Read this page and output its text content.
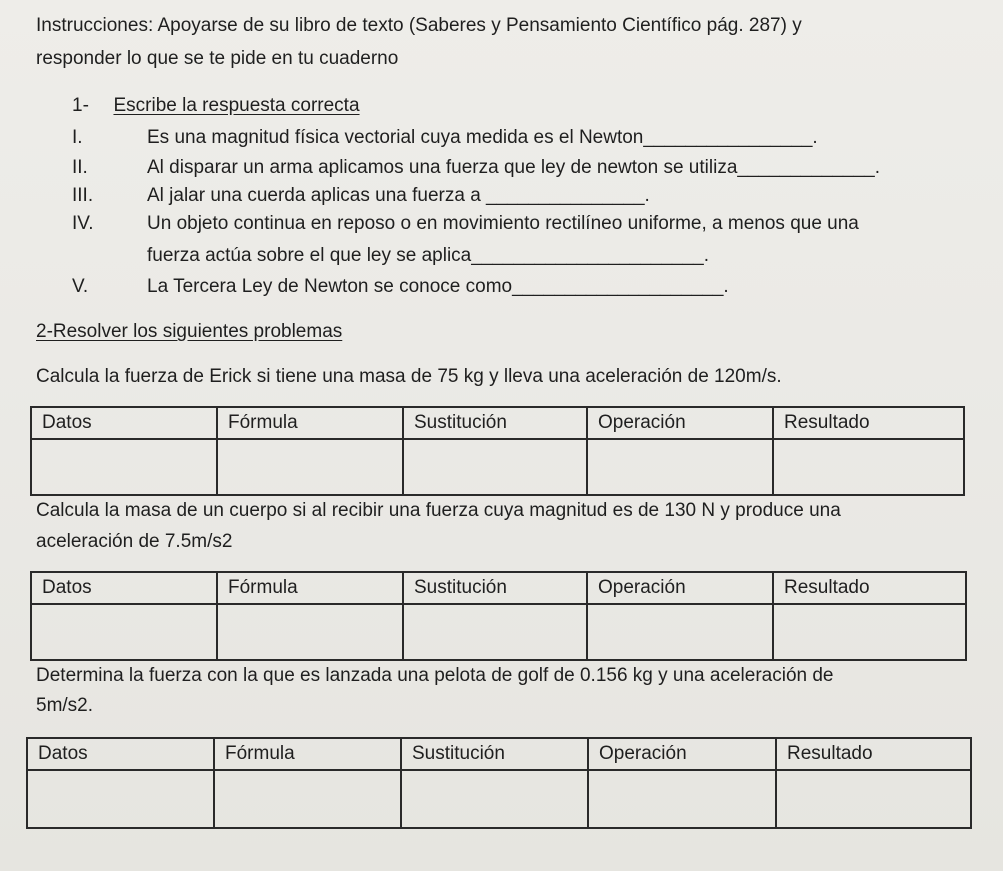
Instrucciones: Apoyarse de su libro de texto (Saberes y Pensamiento Científico pág. 287) y
responder lo que se te pide en tu cuaderno
1- Escribe la respuesta correcta
I.	Es una magnitud física vectorial cuya medida es el Newton________________.
II.	Al disparar un arma aplicamos una fuerza que ley de newton se utiliza_____________.
III.	Al jalar una cuerda aplicas una fuerza a _______________.
IV.	Un objeto continua en reposo o en movimiento rectilíneo uniforme, a menos que una
fuerza actúa sobre el que ley se aplica______________________.
V.	La Tercera Ley de Newton se conoce como____________________.
2-Resolver los siguientes problemas
Calcula la fuerza de Erick si tiene una masa de 75 kg y lleva una aceleración de 120m/s.
Datos	Fórmula	Sustitución	Operación	Resultado

Calcula la masa de un cuerpo si al recibir una fuerza cuya magnitud es de 130 N y produce una
aceleración de 7.5m/s2
Datos	Fórmula	Sustitución	Operación	Resultado

Determina la fuerza con la que es lanzada una pelota de golf de 0.156 kg y una aceleración de
5m/s2.
Datos	Fórmula	Sustitución	Operación	Resultado
